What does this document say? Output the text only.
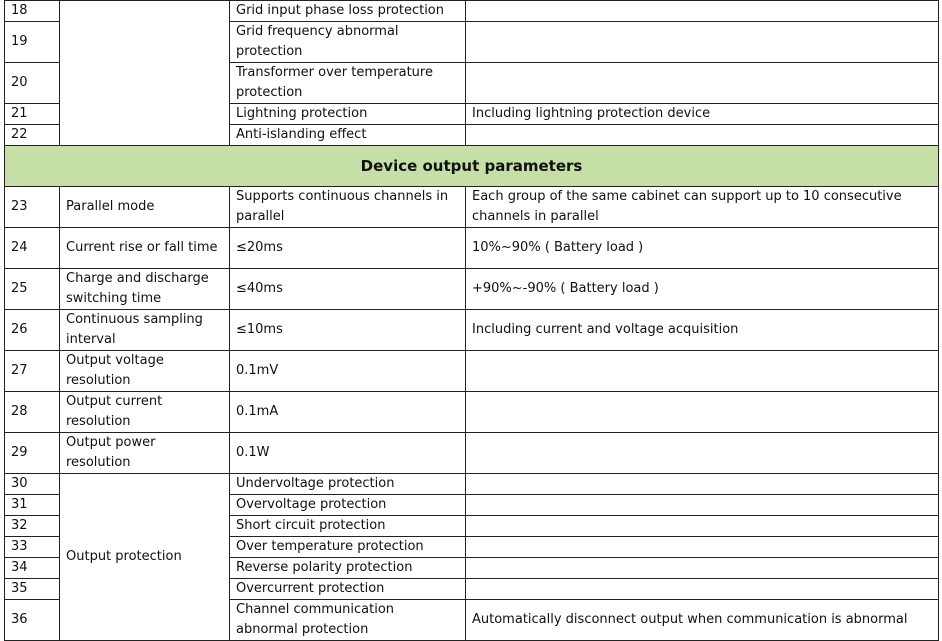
18		Grid input phase loss protection	
19		Grid frequency abnormal protection	
20		Transformer over temperature protection	
21		Lightning protection	Including lightning protection device
22		Anti-islanding effect	
Device output parameters			
23	Parallel mode	Supports continuous channels in parallel	Each group of the same cabinet can support up to 10 consecutive channels in parallel
24	Current rise or fall time	≤20ms	10%~90% ( Battery load )
25	Charge and discharge switching time	≤40ms	+90%~-90% ( Battery load )
26	Continuous sampling interval	≤10ms	Including current and voltage acquisition
27	Output voltage resolution	0.1mV	
28	Output current resolution	0.1mA	
29	Output power resolution	0.1W	
30	Output protection	Undervoltage protection	
31		Overvoltage protection	
32		Short circuit protection	
33		Over temperature protection	
34		Reverse polarity protection	
35		Overcurrent protection	
36		Channel communication abnormal protection	Automatically disconnect output when communication is abnormal
